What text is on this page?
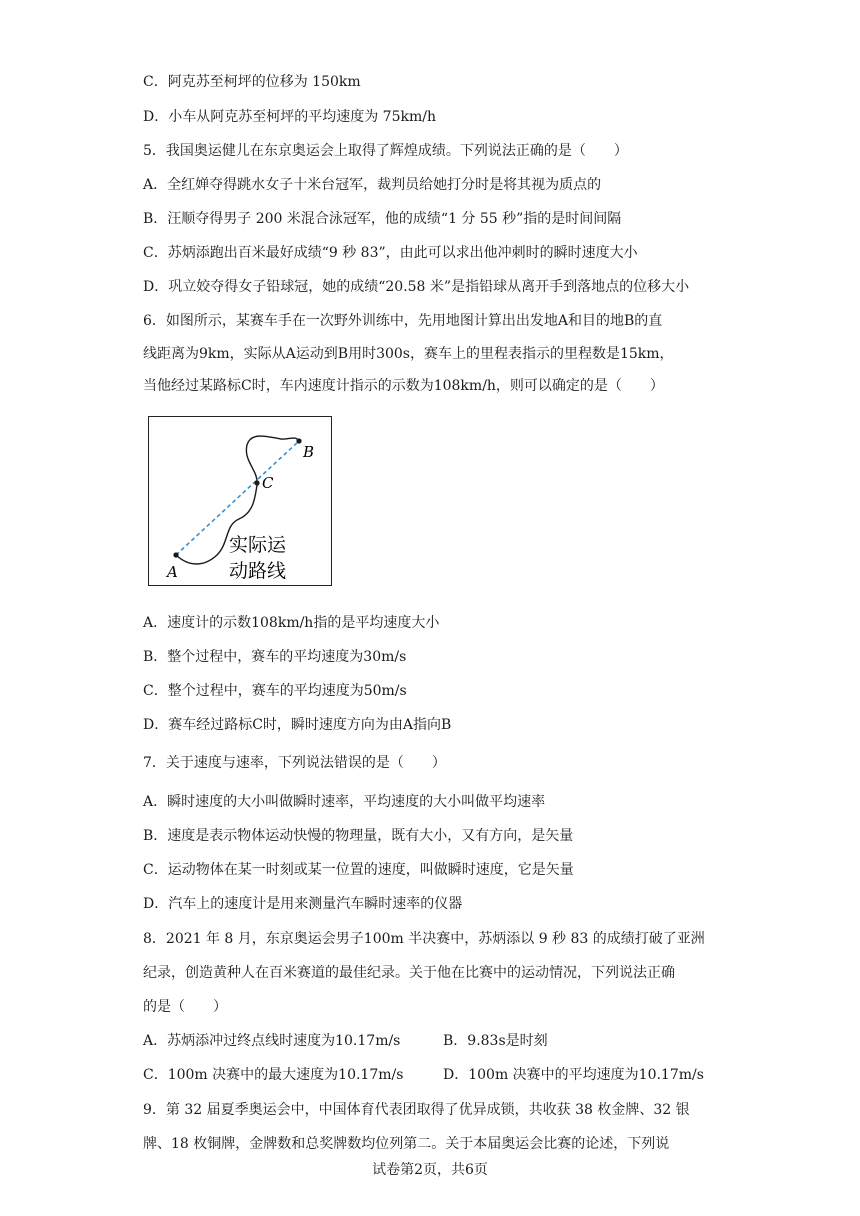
C．阿克苏至柯坪的位移为 150km
D．小车从阿克苏至柯坪的平均速度为 75km/h
5．我国奥运健儿在东京奥运会上取得了辉煌成绩。下列说法正确的是（　　）
A．全红婵夺得跳水女子十米台冠军，裁判员给她打分时是将其视为质点的
B．汪顺夺得男子 200 米混合泳冠军，他的成绩“1 分 55 秒”指的是时间间隔
C．苏炳添跑出百米最好成绩“9 秒 83”，由此可以求出他冲刺时的瞬时速度大小
D．巩立姣夺得女子铅球冠，她的成绩“20.58 米”是指铅球从离开手到落地点的位移大小
6．如图所示，某赛车手在一次野外训练中，先用地图计算出出发地A和目的地B的直
线距离为9km，实际从A运动到B用时300s，赛车上的里程表指示的里程数是15km，
当他经过某路标C时，车内速度计指示的示数为108km/h，则可以确定的是（　　）
A
B
C
实际运
动路线
A．速度计的示数108km/h指的是平均速度大小
B．整个过程中，赛车的平均速度为30m/s
C．整个过程中，赛车的平均速度为50m/s
D．赛车经过路标C时，瞬时速度方向为由A指向B
7．关于速度与速率，下列说法错误的是（　　）
A．瞬时速度的大小叫做瞬时速率，平均速度的大小叫做平均速率
B．速度是表示物体运动快慢的物理量，既有大小，又有方向，是矢量
C．运动物体在某一时刻或某一位置的速度，叫做瞬时速度，它是矢量
D．汽车上的速度计是用来测量汽车瞬时速率的仪器
8．2021 年 8 月，东京奥运会男子100m 半决赛中，苏炳添以 9 秒 83 的成绩打破了亚洲
纪录，创造黄种人在百米赛道的最佳纪录。关于他在比赛中的运动情况，下列说法正确
的是（　　）
A．苏炳添冲过终点线时速度为10.17m/s	B．9.83s是时刻
C．100m 决赛中的最大速度为10.17m/s	D．100m 决赛中的平均速度为10.17m/s
9．第 32 届夏季奥运会中，中国体育代表团取得了优异成锁，共收获 38 枚金牌、32 银
牌、18 枚铜牌，金牌数和总奖牌数均位列第二。关于本届奥运会比赛的论述，下列说
试卷第2页，共6页
